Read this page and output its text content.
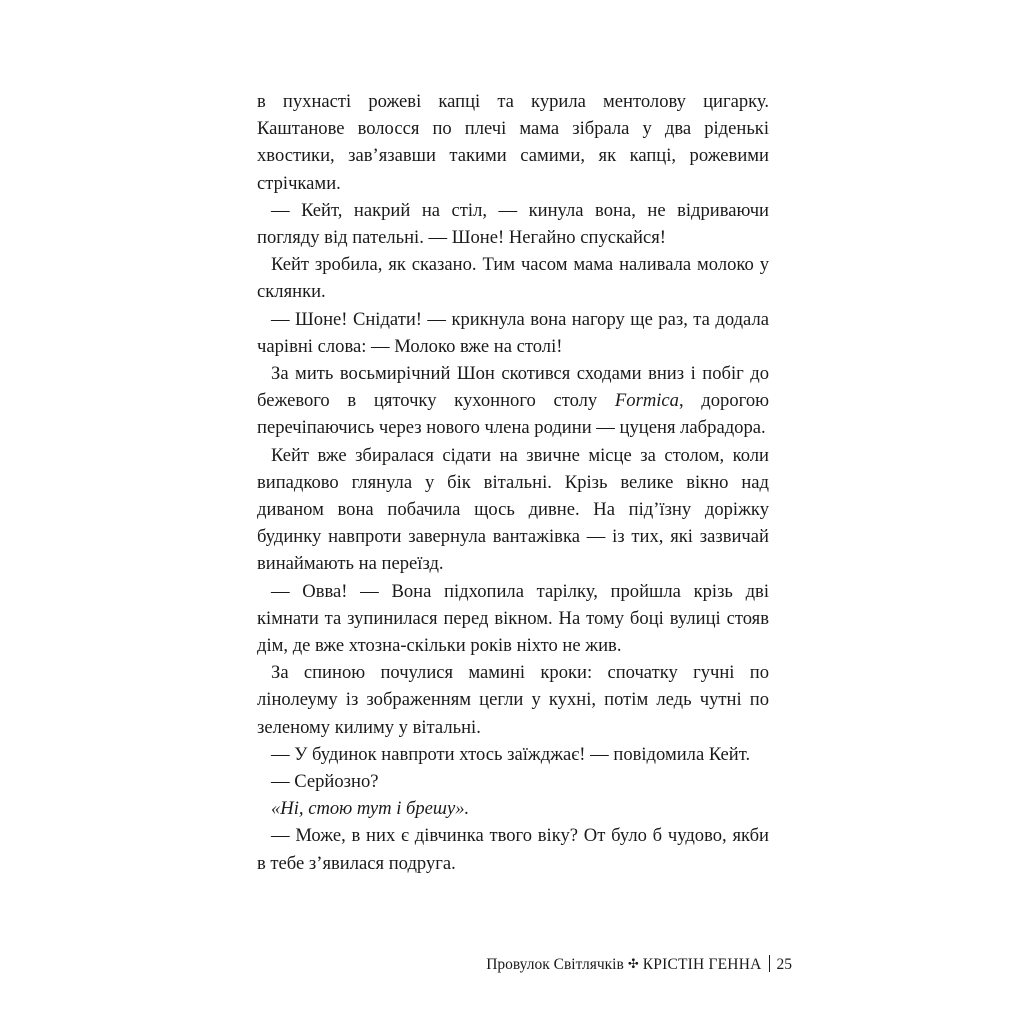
в пухнасті рожеві капці та курила ментолову цигарку. Каштанове волосся по плечі мама зібрала у два ріденькі хвостики, зав’язавши такими самими, як капці, рожевими стрічками.

— Кейт, накрий на стіл, — кинула вона, не відриваючи погляду від пательні. — Шоне! Негайно спускайся!

Кейт зробила, як сказано. Тим часом мама наливала молоко у склянки.

— Шоне! Снідати! — крикнула вона нагору ще раз, та додала чарівні слова: — Молоко вже на столі!

За мить восьмирічний Шон скотився сходами вниз і побіг до бежевого в цяточку кухонного столу Formica, дорогою перечіпаючись через нового члена родини — цуценя лабрадора.

Кейт вже збиралася сідати на звичне місце за столом, коли випадково глянула у бік вітальні. Крізь велике вікно над диваном вона побачила щось дивне. На під’їзну доріжку будинку навпроти завернула вантажівка — із тих, які зазвичай винаймають на переїзд.

— Овва! — Вона підхопила тарілку, пройшла крізь дві кімнати та зупинилася перед вікном. На тому боці вулиці стояв дім, де вже хтозна-скільки років ніхто не жив.

За спиною почулися мамині кроки: спочатку гучні по лінолеуму із зображенням цегли у кухні, потім ледь чутні по зеленому килиму у вітальні.

— У будинок навпроти хтось заїжджає! — повідомила Кейт.

— Серйозно?

«Ні, стою тут і брешу».

— Може, в них є дівчинка твого віку? От було б чудово, якби в тебе з’явилася подруга.

Провулок Світлячків ✣ КРІСТІН ГЕННА 25
